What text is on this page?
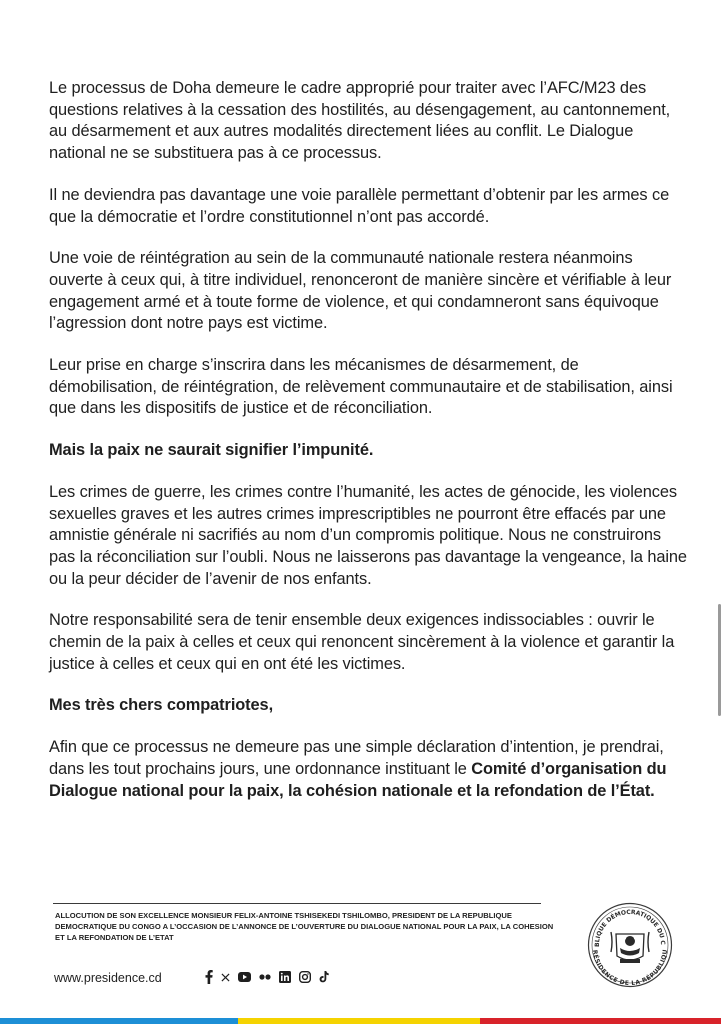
Le processus de Doha demeure le cadre approprié pour traiter avec l’AFC/M23 des questions relatives à la cessation des hostilités, au désengagement, au cantonnement, au désarmement et aux autres modalités directement liées au conflit. Le Dialogue national ne se substituera pas à ce processus.

Il ne deviendra pas davantage une voie parallèle permettant d’obtenir par les armes ce que la démocratie et l’ordre constitutionnel n’ont pas accordé.

Une voie de réintégration au sein de la communauté nationale restera néanmoins ouverte à ceux qui, à titre individuel, renonceront de manière sincère et vérifiable à leur engagement armé et à toute forme de violence, et qui condamneront sans équivoque l’agression dont notre pays est victime.

Leur prise en charge s’inscrira dans les mécanismes de désarmement, de démobilisation, de réintégration, de relèvement communautaire et de stabilisation, ainsi que dans les dispositifs de justice et de réconciliation.

Mais la paix ne saurait signifier l’impunité.

Les crimes de guerre, les crimes contre l’humanité, les actes de génocide, les violences sexuelles graves et les autres crimes imprescriptibles ne pourront être effacés par une amnistie générale ni sacrifiés au nom d’un compromis politique. Nous ne construirons pas la réconciliation sur l’oubli. Nous ne laisserons pas davantage la vengeance, la haine ou la peur décider de l’avenir de nos enfants.

Notre responsabilité sera de tenir ensemble deux exigences indissociables : ouvrir le chemin de la paix à celles et ceux qui renoncent sincèrement à la violence et garantir la justice à celles et ceux qui en ont été les victimes.

Mes très chers compatriotes,

Afin que ce processus ne demeure pas une simple déclaration d’intention, je prendrai, dans les tout prochains jours, une ordonnance instituant le Comité d’organisation du Dialogue national pour la paix, la cohésion nationale et la refondation de l’État.

ALLOCUTION DE SON EXCELLENCE MONSIEUR FELIX-ANTOINE TSHISEKEDI TSHILOMBO, PRESIDENT DE LA REPUBLIQUE DEMOCRATIQUE DU CONGO A L’OCCASION DE L’ANNONCE DE L’OUVERTURE DU DIALOGUE NATIONAL POUR LA PAIX, LA COHESION ET LA REFONDATION DE L’ETAT
www.presidence.cd
BLIQUE DÉMOCRATIQUE DU C
RÉSIDENCE DE LA RÉPUBLIQU
